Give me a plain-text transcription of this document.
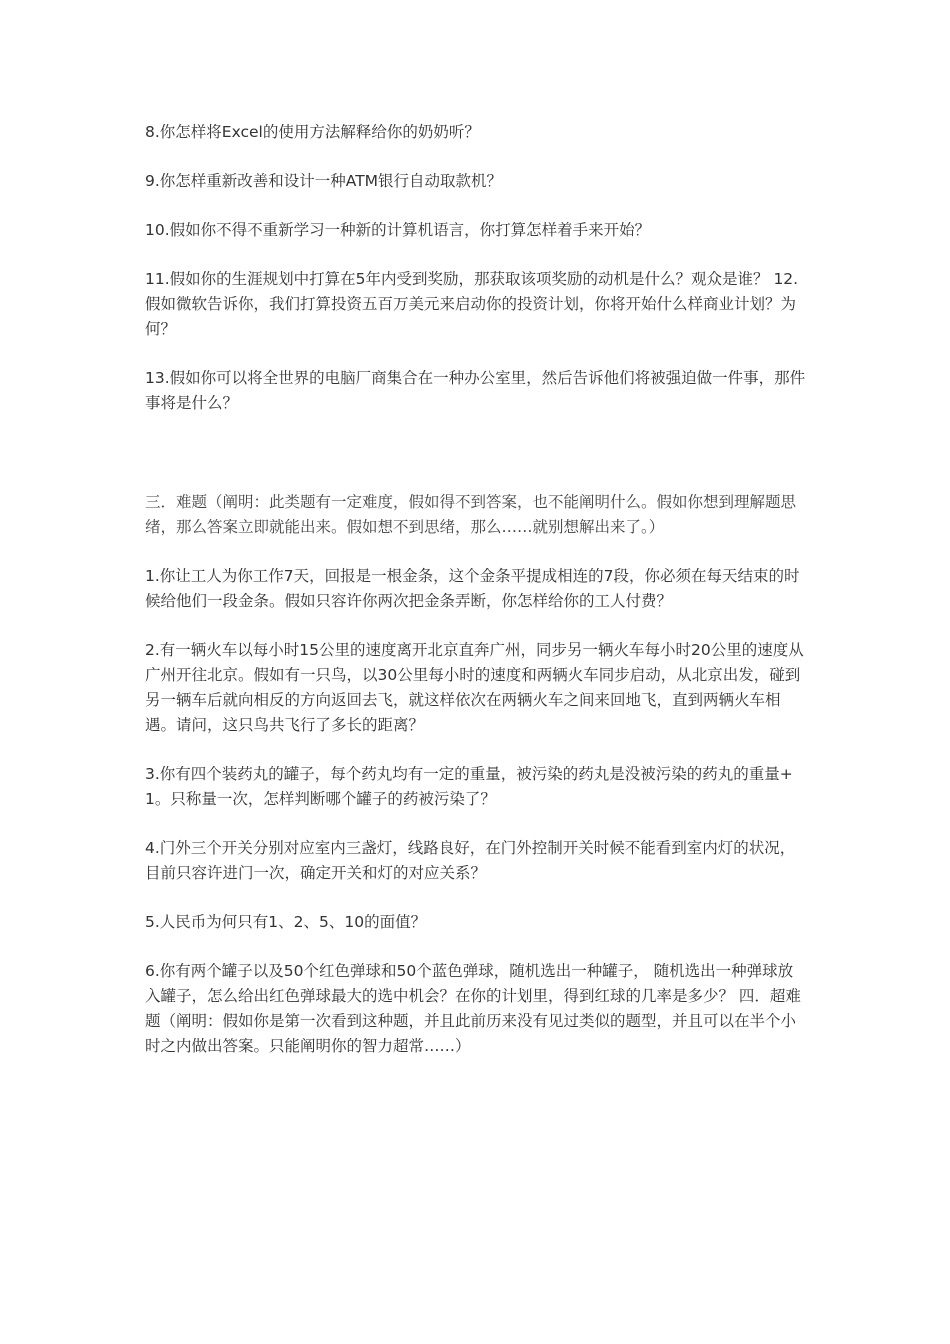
8.你怎样将Excel的使用方法解释给你的奶奶听？

9.你怎样重新改善和设计一种ATM银行自动取款机？

10.假如你不得不重新学习一种新的计算机语言，你打算怎样着手来开始？

11.假如你的生涯规划中打算在5年内受到奖励，那获取该项奖励的动机是什么？观众是谁？ 12.假如微软告诉你，我们打算投资五百万美元来启动你的投资计划，你将开始什么样商业计划？为何？

13.假如你可以将全世界的电脑厂商集合在一种办公室里，然后告诉他们将被强迫做一件事，那件事将是什么？

三．难题（阐明：此类题有一定难度，假如得不到答案，也不能阐明什么。假如你想到理解题思绪，那么答案立即就能出来。假如想不到思绪，那么……就别想解出来了。）

1.你让工人为你工作7天，回报是一根金条，这个金条平提成相连的7段，你必须在每天结束的时候给他们一段金条。假如只容许你两次把金条弄断，你怎样给你的工人付费？

2.有一辆火车以每小时15公里的速度离开北京直奔广州，同步另一辆火车每小时20公里的速度从广州开往北京。假如有一只鸟，以30公里每小时的速度和两辆火车同步启动，从北京出发，碰到另一辆车后就向相反的方向返回去飞，就这样依次在两辆火车之间来回地飞，直到两辆火车相遇。请问，这只鸟共飞行了多长的距离？

3.你有四个装药丸的罐子，每个药丸均有一定的重量，被污染的药丸是没被污染的药丸的重量+1。只称量一次，怎样判断哪个罐子的药被污染了？

4.门外三个开关分别对应室内三盏灯，线路良好，在门外控制开关时候不能看到室内灯的状况，目前只容许进门一次，确定开关和灯的对应关系？

5.人民币为何只有1、2、5、10的面值？

6.你有两个罐子以及50个红色弹球和50个蓝色弹球，随机选出一种罐子， 随机选出一种弹球放入罐子，怎么给出红色弹球最大的选中机会？在你的计划里，得到红球的几率是多少？ 四．超难题（阐明：假如你是第一次看到这种题，并且此前历来没有见过类似的题型，并且可以在半个小时之内做出答案。只能阐明你的智力超常……）
